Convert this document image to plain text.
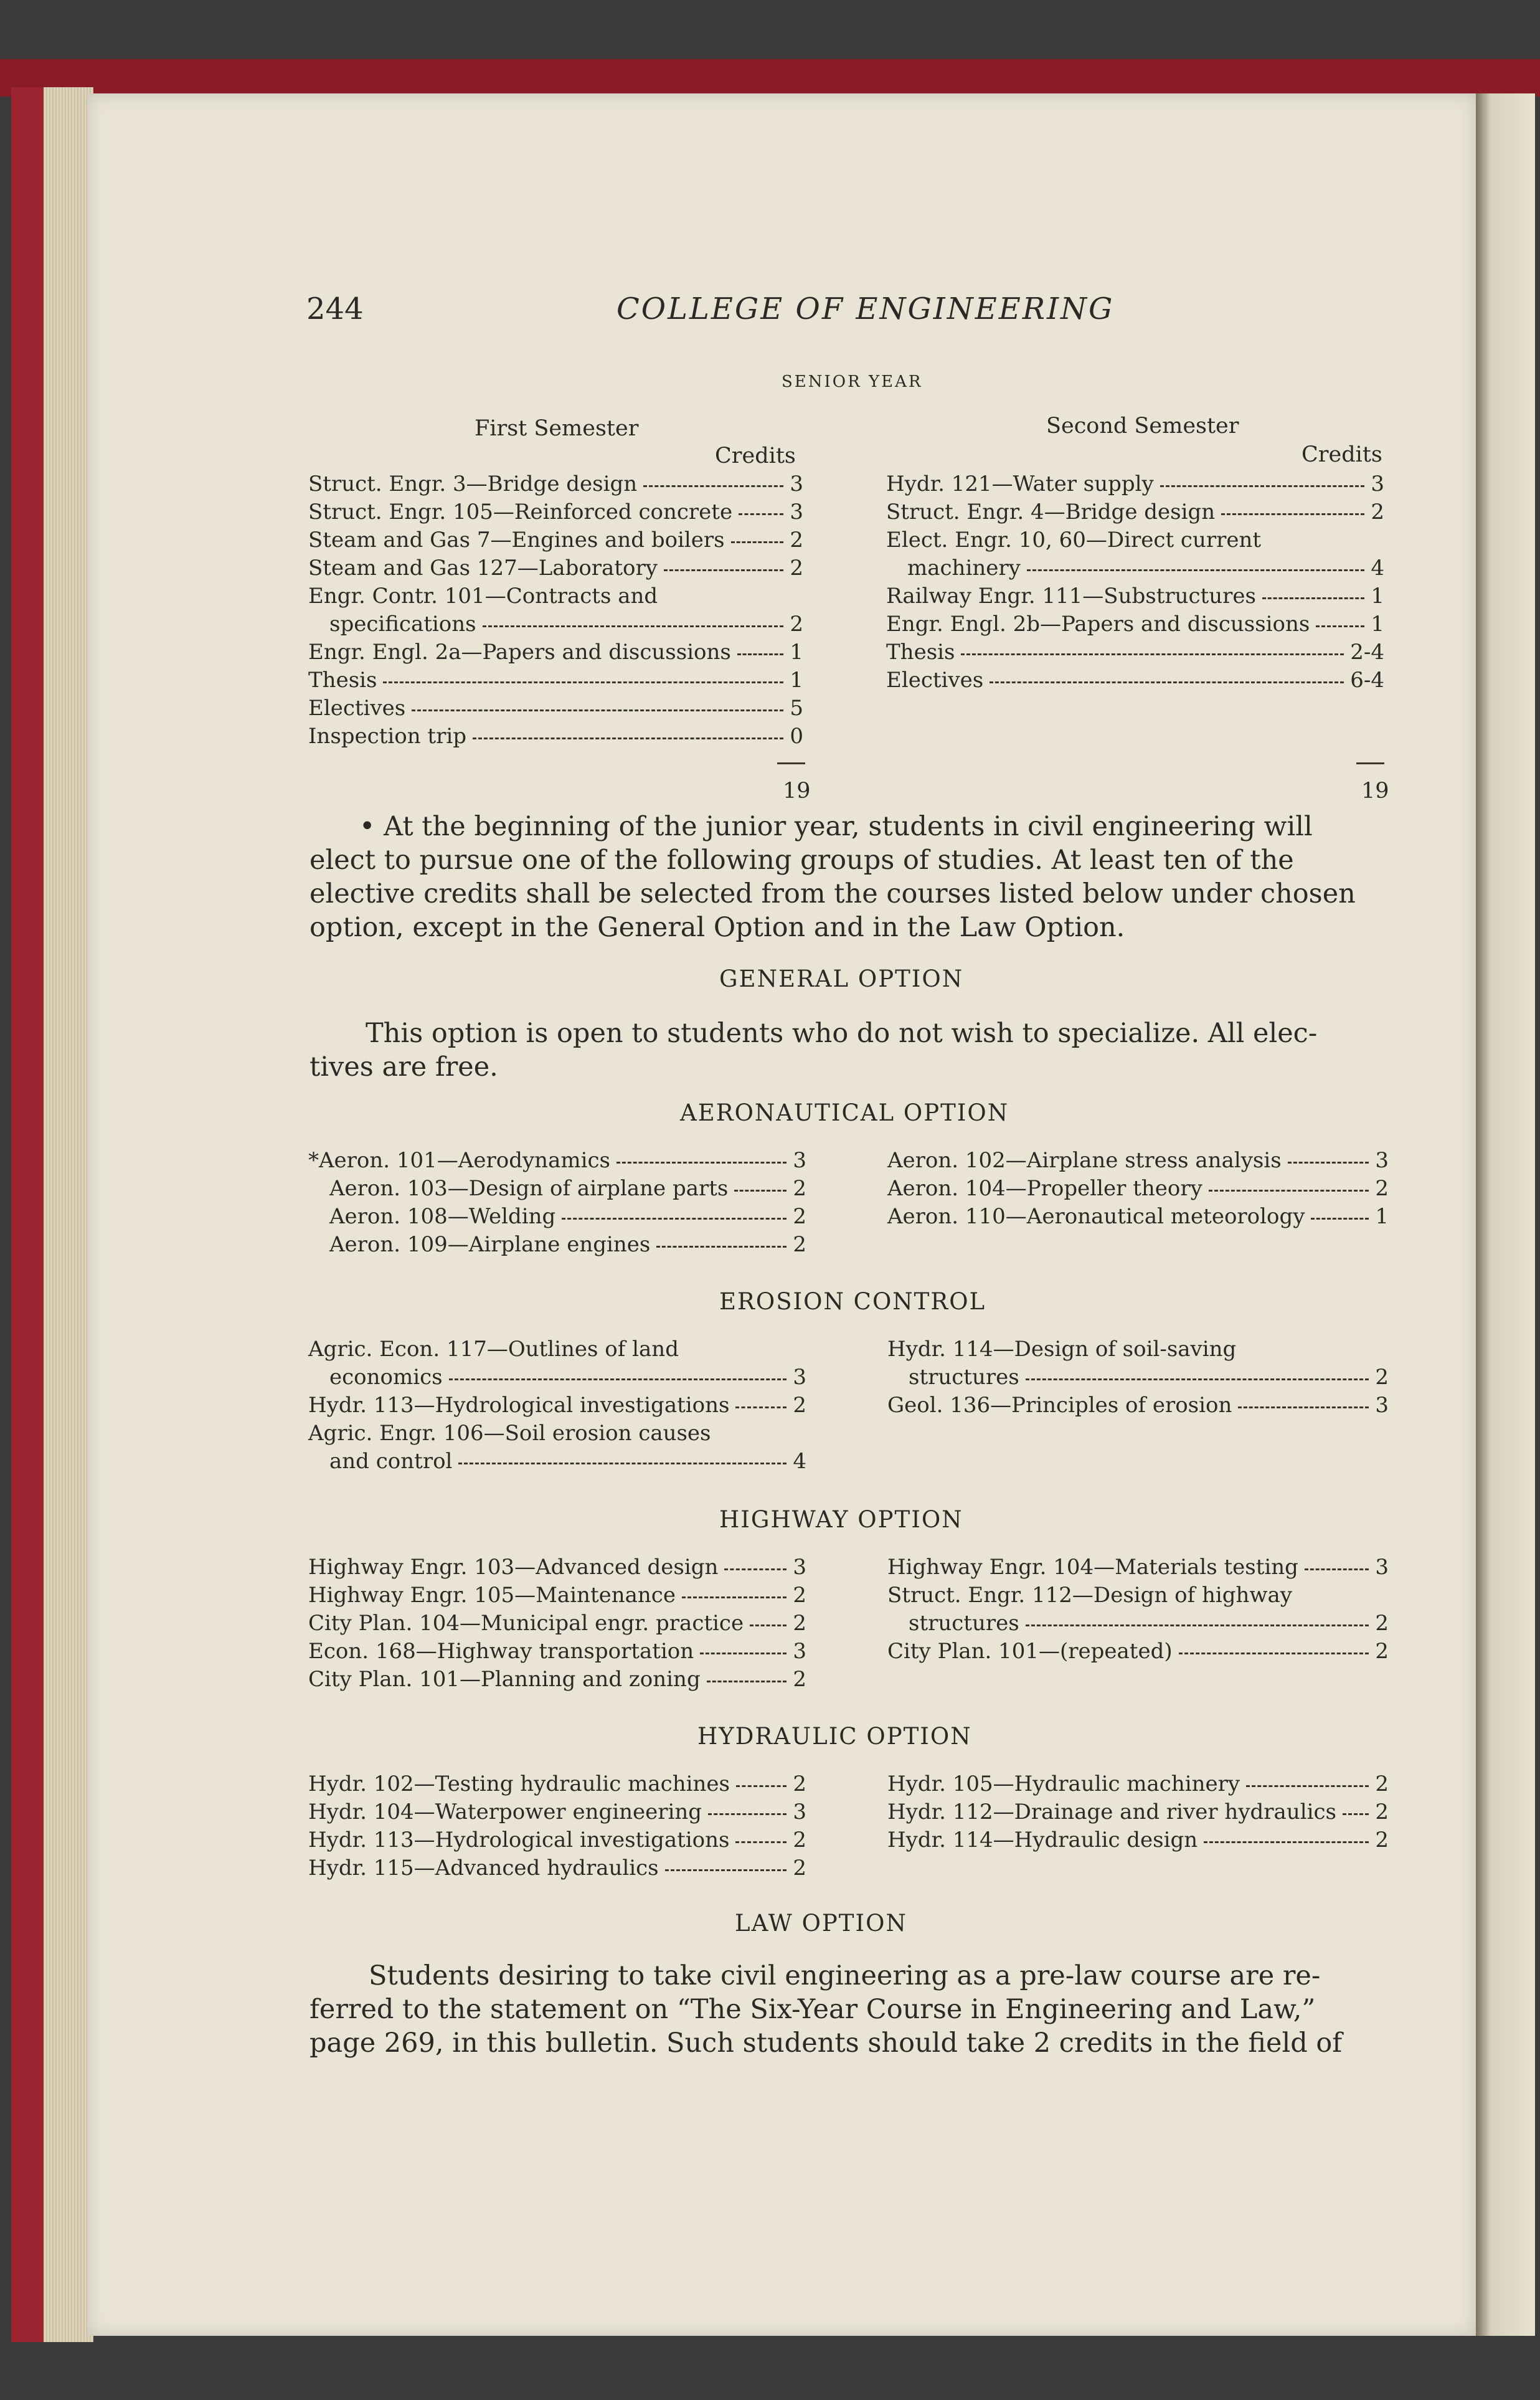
244	COLLEGE OF ENGINEERING
SENIOR YEAR
First Semester
Credits
Second Semester
Credits
Struct. Engr. 3—Bridge design	3
Struct. Engr. 105—Reinforced concrete	3
Steam and Gas 7—Engines and boilers	2
Steam and Gas 127—Laboratory	2
Engr. Contr. 101—Contracts and
specifications	2
Engr. Engl. 2a—Papers and discussions	1
Thesis	1
Electives	5
Inspection trip	0
Hydr. 121—Water supply	3
Struct. Engr. 4—Bridge design	2
Elect. Engr. 10, 60—Direct current
machinery	4
Railway Engr. 111—Substructures	1
Engr. Engl. 2b—Papers and discussions	1
Thesis	2-4
Electives	6-4
19	19
• At the beginning of the junior year, students in civil engineering will
elect to pursue one of the following groups of studies. At least ten of the
elective credits shall be selected from the courses listed below under chosen
option, except in the General Option and in the Law Option.
GENERAL OPTION
This option is open to students who do not wish to specialize. All elec-
tives are free.
AERONAUTICAL OPTION
EROSION CONTROL
HIGHWAY OPTION
HYDRAULIC OPTION
LAW OPTION
*Aeron. 101—Aerodynamics	3
Aeron. 103—Design of airplane parts	2
Aeron. 108—Welding	2
Aeron. 109—Airplane engines	2
Aeron. 102—Airplane stress analysis	3
Aeron. 104—Propeller theory	2
Aeron. 110—Aeronautical meteorology	1
Agric. Econ. 117—Outlines of land
economics	3
Hydr. 113—Hydrological investigations	2
Agric. Engr. 106—Soil erosion causes
and control	4
Hydr. 114—Design of soil-saving
structures	2
Geol. 136—Principles of erosion	3
Highway Engr. 103—Advanced design	3
Highway Engr. 105—Maintenance	2
City Plan. 104—Municipal engr. practice 2
Econ. 168—Highway transportation	3
City Plan. 101—Planning and zoning	2
Highway Engr. 104—Materials testing	3
Struct. Engr. 112—Design of highway
structures	2
City Plan. 101—(repeated)	2
Hydr. 102—Testing hydraulic machines	2
Hydr. 104—Waterpower engineering	3
Hydr. 113—Hydrological investigations	2
Hydr. 115—Advanced hydraulics	2
Hydr. 105—Hydraulic machinery	2
Hydr. 112—Drainage and river hydraulics 2
Hydr. 114—Hydraulic design	2
Students desiring to take civil engineering as a pre-law course are re-
ferred to the statement on “The Six-Year Course in Engineering and Law,”
page 269, in this bulletin. Such students should take 2 credits in the field of
